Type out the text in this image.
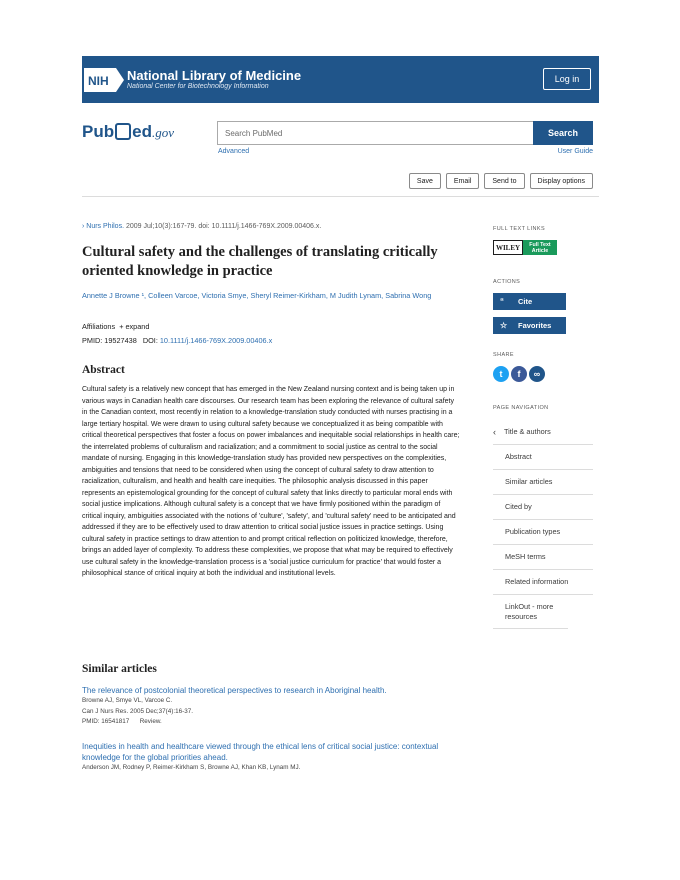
NIH National Library of Medicine
National Center for Biotechnology Information
Log in
Pub ed.gov	Search PubMed	Search
Advanced	User Guide
Save	Email	Send to	Display options
› Nurs Philos. 2009 Jul;10(3):167-79. doi: 10.1111/j.1466-769X.2009.00406.x.
Cultural safety and the challenges of translating critically oriented knowledge in practice
Annette J Browne ¹, Colleen Varcoe, Victoria Smye, Sheryl Reimer-Kirkham, M Judith Lynam, Sabrina Wong
Affiliations + expand
PMID: 19527438   DOI: 10.1111/j.1466-769X.2009.00406.x
Abstract

Cultural safety is a relatively new concept that has emerged in the New Zealand nursing context and is being taken up in various ways in Canadian health care discourses. Our research team has been exploring the relevance of cultural safety in the Canadian context, most recently in relation to a knowledge-translation study conducted with nurses practising in a large tertiary hospital. We were drawn to using cultural safety because we conceptualized it as being compatible with critical theoretical perspectives that foster a focus on power imbalances and inequitable social relationships in health care; the interrelated problems of culturalism and racialization; and a commitment to social justice as central to the social mandate of nursing. Engaging in this knowledge-translation study has provided new perspectives on the complexities, ambiguities and tensions that need to be considered when using the concept of cultural safety to draw attention to racialization, culturalism, and health and health care inequities. The philosophic analysis discussed in this paper represents an epistemological grounding for the concept of cultural safety that links directly to particular moral ends with social justice implications. Although cultural safety is a concept that we have firmly positioned within the paradigm of critical inquiry, ambiguities associated with the notions of 'culture', 'safety', and 'cultural safety' need to be anticipated and addressed if they are to be effectively used to draw attention to critical social justice issues in practice settings. Using cultural safety in practice settings to draw attention to and prompt critical reflection on politicized knowledge, therefore, brings an added layer of complexity. To address these complexities, we propose that what may be required to effectively use cultural safety in the knowledge-translation process is a 'social justice curriculum for practice' that would foster a philosophical stance of critical inquiry at both the individual and institutional levels.

Similar articles
The relevance of postcolonial theoretical perspectives to research in Aboriginal health.
Browne AJ, Smye VL, Varcoe C.
Can J Nurs Res. 2005 Dec;37(4):16-37.
PMID: 16541817      Review.
Inequities in health and healthcare viewed through the ethical lens of critical social justice: contextual knowledge for the global priorities ahead.
Anderson JM, Rodney P, Reimer-Kirkham S, Browne AJ, Khan KB, Lynam MJ.
FULL TEXT LINKS
WILEY	Full Text
Article
ACTIONS
“	Cite
☆	Favorites
SHARE
t	f	∞
PAGE NAVIGATION
‹	Title & authors
Abstract
Similar articles
Cited by
Publication types
MeSH terms
Related information
LinkOut - more resources
